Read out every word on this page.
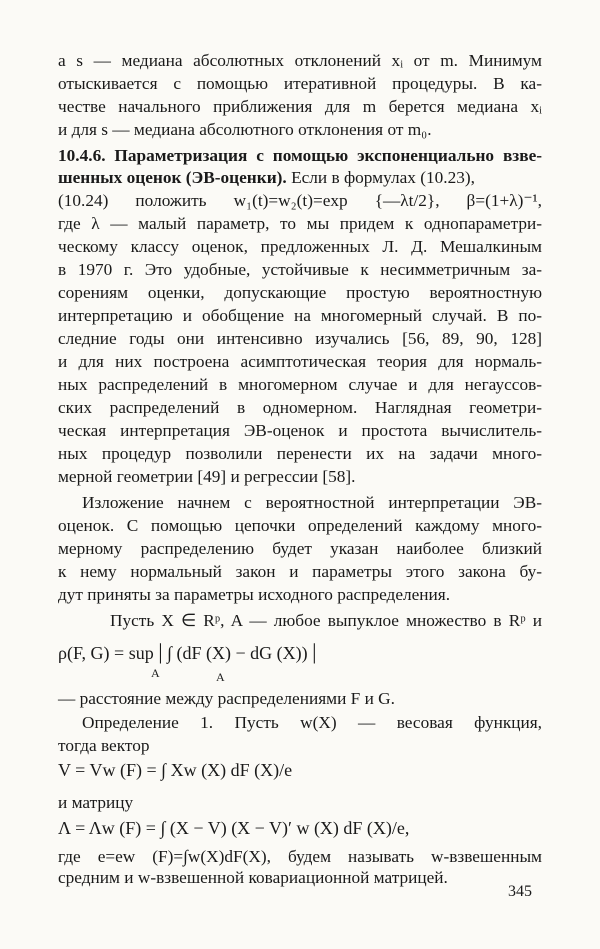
а s — медиана абсолютных отклонений xᵢ от m. Минимум
отыскивается с помощью итеративной процедуры. В ка-
честве начального приближения для m берется медиана xᵢ
и для s — медиана абсолютного отклонения от m₀.
10.4.6. Параметризация с помощью экспоненциально взве-
шенных оценок (ЭВ-оценки). Если в формулах (10.23),
(10.24) положить w₁(t)=w₂(t)=exp {—λt/2}, β=(1+λ)⁻¹,
где λ — малый параметр, то мы придем к однопараметри-
ческому классу оценок, предложенных Л. Д. Мешалкиным
в 1970 г. Это удобные, устойчивые к несимметричным за-
сорениям оценки, допускающие простую вероятностную
интерпретацию и обобщение на многомерный случай. В по-
следние годы они интенсивно изучались [56, 89, 90, 128]
и для них построена асимптотическая теория для нормаль-
ных распределений в многомерном случае и для негауссов-
ских распределений в одномерном. Наглядная геометри-
ческая интерпретация ЭВ-оценок и простота вычислитель-
ных процедур позволили перенести их на задачи много-
мерной геометрии [49] и регрессии [58].
Изложение начнем с вероятностной интерпретации ЭВ-
оценок. С помощью цепочки определений каждому много-
мерному распределению будет указан наиболее близкий
к нему нормальный закон и параметры этого закона бу-
дут приняты за параметры исходного распределения.
Пусть X ∈ Rᵖ, A — любое выпуклое множество в Rᵖ и
ρ(F, G) = sup | ∫ (dF (X) − dG (X)) |
A	A
— расстояние между распределениями F и G.
Определение 1. Пусть w(X) — весовая функция,
тогда вектор
V = Vw (F) = ∫ Xw (X) dF (X)/e
и матрицу
Λ = Λw (F) = ∫ (X − V) (X − V)′ w (X) dF (X)/e,
где e=ew (F)=∫w(X)dF(X), будем называть w-взвешенным
средним и w-взвешенной ковариационной матрицей.
345
